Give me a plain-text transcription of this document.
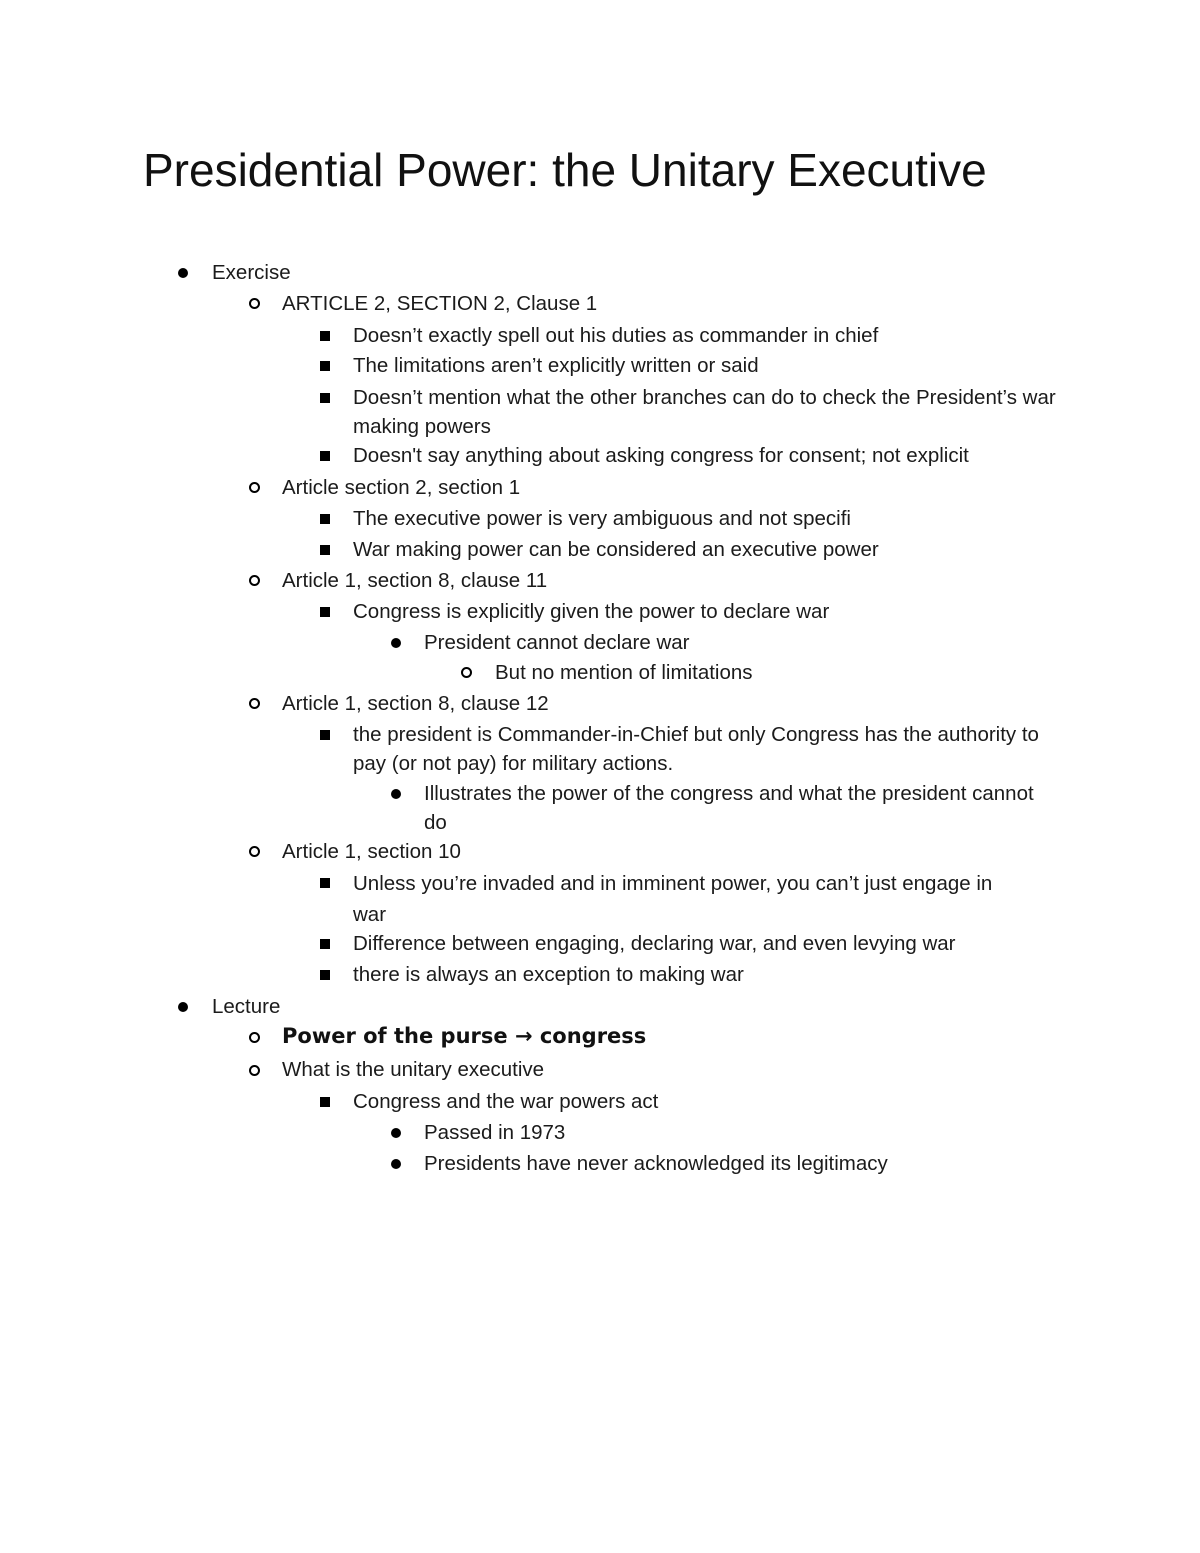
Presidential Power: the Unitary Executive
Exercise
ARTICLE 2, SECTION 2, Clause 1
Doesn’t exactly spell out his duties as commander in chief
The limitations aren’t explicitly written or said
Doesn’t mention what the other branches can do to check the President’s war making powers
Doesn't say anything about asking congress for consent; not explicit
Article section 2, section 1
The executive power is very ambiguous and not specifi
War making power can be considered an executive power
Article 1, section 8, clause 11
Congress is explicitly given the power to declare war
President cannot declare war
But no mention of limitations
Article 1, section 8, clause 12
the president is Commander-in-Chief but only Congress has the authority to pay (or not pay) for military actions.
Illustrates the power of the congress and what the president cannot do
Article 1, section 10
Unless you’re invaded and in imminent power, you can’t just engage in war
Difference between engaging, declaring war, and even levying war
there is always an exception to making war
Lecture
Power of the purse → congress
What is the unitary executive
Congress and the war powers act
Passed in 1973
Presidents have never acknowledged its legitimacy
